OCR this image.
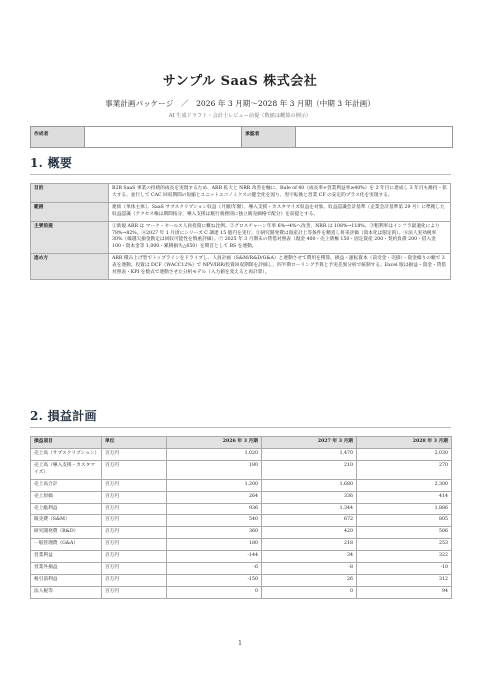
サンプル SaaS 株式会社
事業計画パッケージ　／　2026 年 3 月期〜2028 年 3 月期（中期 3 年計画）
AI 生成ドラフト・会計士レビュー前提（数値は概算の例示）
作成者	承認者
1. 概要
目的	B2B SaaS 事業の持続的成長を実現するため、ARR 拡大と NRR 改善を軸に、Rule of 40（成長率+営業利益率≥40%）を 2 年目に達成し 3 年目も維持・拡大する。並行して CAC 回収期間の短縮とユニットエコノミクスの健全化を図り、黒字転換と営業 CF の安定的プラス化を実現する。
範囲	連結（単体主体）。SaaS サブスクリプション収益（月額/年額）、導入支援・カスタマイズ収益を対象。収益認識会計基準（企業会計基準第 29 号）に準拠した収益認識（アクセス権は期間按分、導入支援は履行義務別に独立販売価格で配分）を前提とする。
主要前提	①新規 ARR は マーク・セールス人員投資に概ね比例。②グロスチャーン年率 6%→4%へ改善、NRR は 108%→118%。③粗利率はインフラ最適化により 78%→82%。④2027 年 1 月頃にシリーズ C 調達 15 億円を実行。⑤研究開発費は資産計上等条件を精査し将来評価（資本化は限定的）。⑥法人実効税率 30%（繰越欠損金勘定は回収可能性を慎重評価）。⑦ 2025 年 3 月期末の貸借対照表（現金 400・売上債権 150・固定資産 200・契約負債 200・借入金 100・資本金等 1,000・累積損失△650）を期首として BS を連動。
進め方	ARR 積み上げ型でトップラインをドライブし、人員計画（S&M/R&D/G&A）と連動させて費用を積算。損益・運転資本（前受金・売掛）・資金繰りの順で 3 表を連動。投資は DCF（WACC12%）で NPV/IRR/投資回収期間を評価し、四半期ローリング予算と予実差異分析で統制する。Excel 版は損益・資金・貸借対照表・KPI を数式で連動させた分析モデル（入力値を変えると再計算）。
2. 損益計画
損益項目	単位	2026 年 3 月期	2027 年 3 月期	2028 年 3 月期
売上高（サブスクリプション）	百万円	1,020	1,470	2,030
売上高（導入支援・カスタマイズ）	百万円	180	210	270
売上高合計	百万円	1,200	1,680	2,300
売上原価	百万円	264	336	414
売上総利益	百万円	936	1,344	1,886
販売費（S&M）	百万円	540	672	805
研究開発費（R&D）	百万円	360	420	506
一般管理費（G&A）	百万円	180	218	253
営業利益	百万円	-144	34	322
営業外損益	百万円	-6	-8	-10
税引前利益	百万円	-150	26	312
法人税等	百万円	0	0	94
1
